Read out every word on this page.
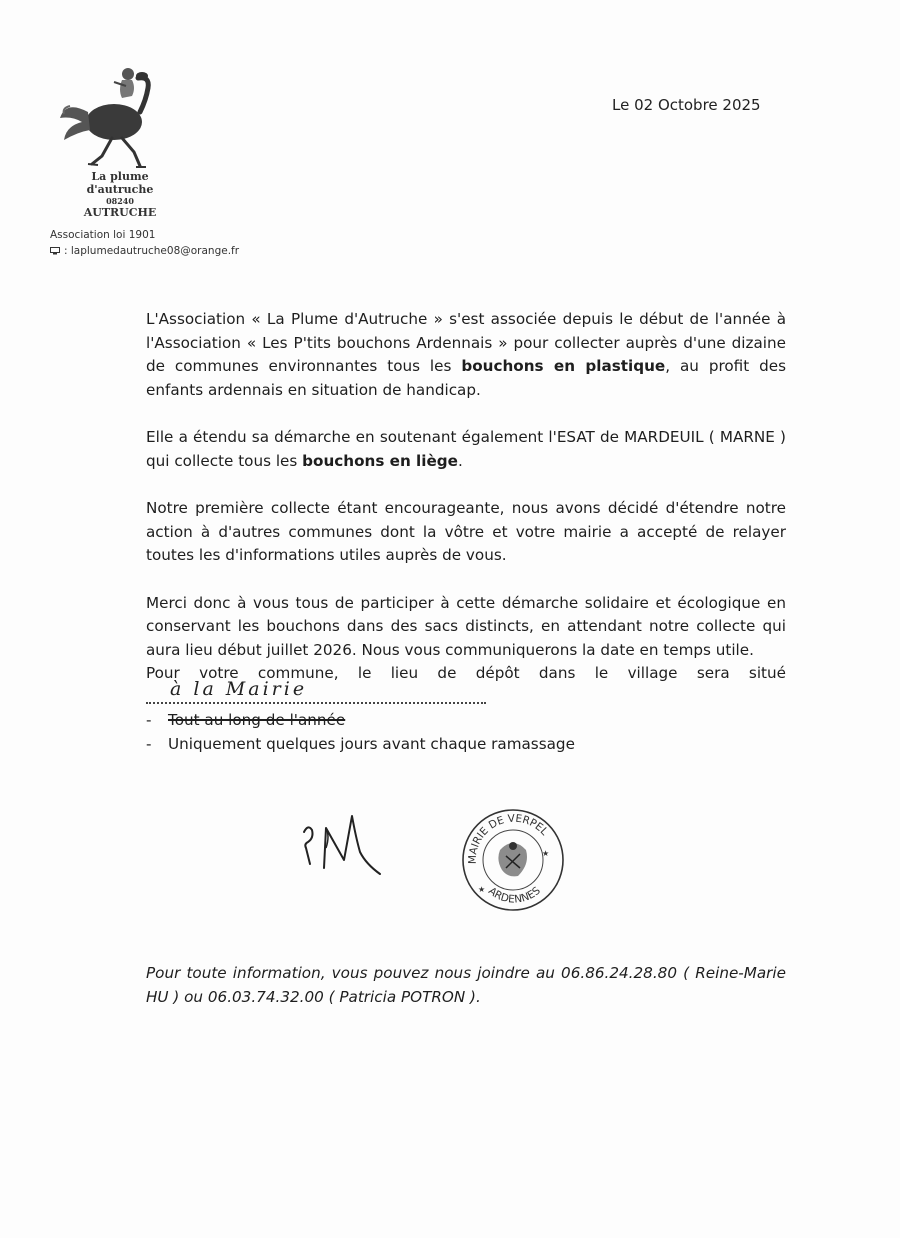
La plume d'autruche
08240
AUTRUCHE
Association loi 1901
: laplumedautruche08@orange.fr
Le 02 Octobre 2025

L'Association « La Plume d'Autruche » s'est associée depuis le début de l'année à l'Association « Les P'tits bouchons Ardennais » pour collecter auprès d'une dizaine de communes environnantes tous les bouchons en plastique, au profit des enfants ardennais en situation de handicap.

Elle a étendu sa démarche en soutenant également l'ESAT de MARDEUIL ( MARNE ) qui collecte tous les bouchons en liège.

Notre première collecte étant encourageante, nous avons décidé d'étendre notre action à d'autres communes dont la vôtre et votre mairie a accepté de relayer toutes les d'informations utiles auprès de vous.

Merci donc à vous tous de participer à cette démarche solidaire et écologique en conservant les bouchons dans des sacs distincts, en attendant notre collecte qui aura lieu début juillet 2026. Nous vous communiquerons la date en temps utile.

Pour votre commune, le lieu de dépôt dans le village sera situé

à la Mairie
-	Tout au long de l'année
-	Uniquement quelques jours avant chaque ramassage
MAIRIE DE VERPEL
ARDENNES
★
★

Pour toute information, vous pouvez nous joindre au 06.86.24.28.80 ( Reine-Marie HU ) ou 06.03.74.32.00 ( Patricia POTRON ).
